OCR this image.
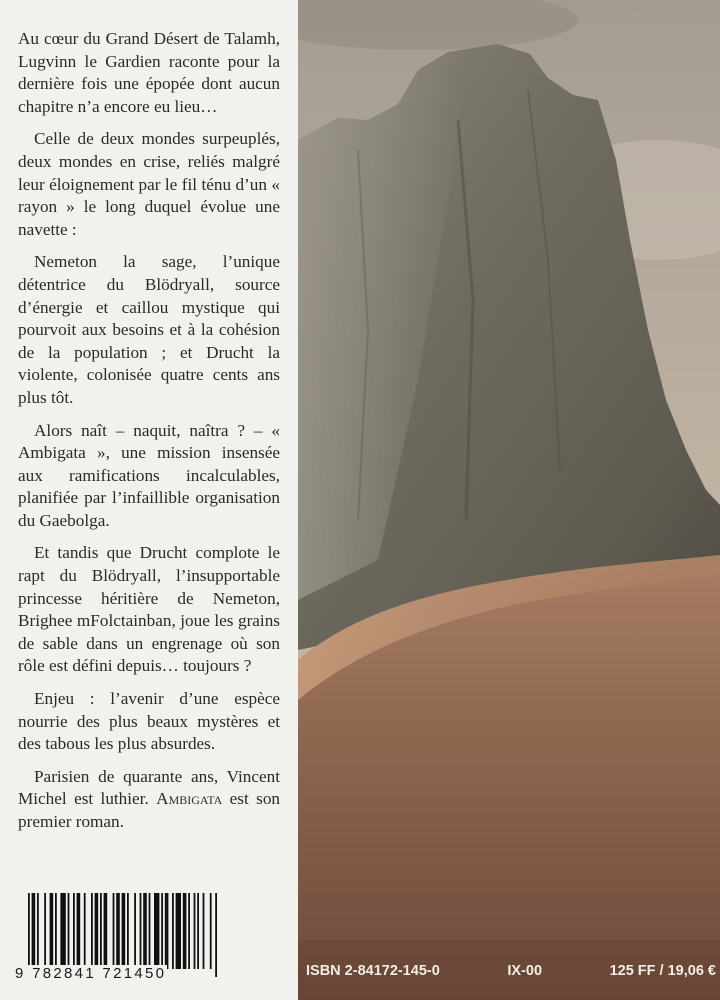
Au cœur du Grand Désert de Talamh, Lugvinn le Gardien raconte pour la dernière fois une épopée dont aucun chapitre n’a encore eu lieu…

Celle de deux mondes surpeuplés, deux mondes en crise, reliés malgré leur éloignement par le fil ténu d’un « rayon » le long duquel évolue une navette :

Nemeton la sage, l’unique détentrice du Blödryall, source d’énergie et caillou mystique qui pourvoit aux besoins et à la cohésion de la population ; et Drucht la violente, colonisée quatre cents ans plus tôt.

Alors naît – naquit, naîtra ? – « Ambigata », une mission insensée aux ramifications incalculables, planifiée par l’infaillible organisation du Gaebolga.

Et tandis que Drucht complote le rapt du Blödryall, l’insupportable princesse héritière de Nemeton, Brighee mFolctainban, joue les grains de sable dans un engrenage où son rôle est défini depuis… toujours ?

Enjeu : l’avenir d’une espèce nourrie des plus beaux mystères et des tabous les plus absurdes.

Parisien de quarante ans, Vincent Michel est luthier. Ambigata est son premier roman.

9 782841 721450	ISBN 2-84172-145-0	IX-00	125 FF / 19,06 €
